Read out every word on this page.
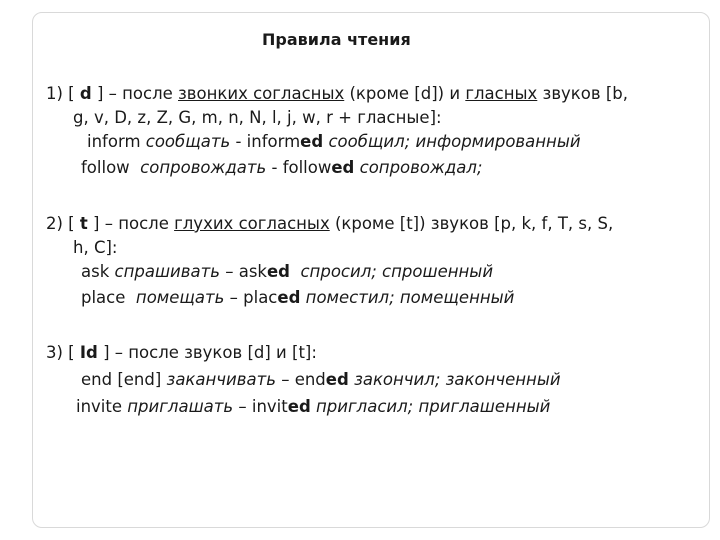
Правила чтения
1) [ d ] – после звонких согласных (кроме [d]) и гласных звуков [b,
g, v, D, z, Z, G, m, n, N, l, j, w, r + гласные]:
inform сообщать - informed сообщил; информированный
follow сопровождать - followed сопровождал;
2) [ t ] – после глухих согласных (кроме [t]) звуков [p, k, f, T, s, S,
h, C]:
ask спрашивать – asked спросил; спрошенный
place помещать – placed поместил; помещенный
3) [ Id ] – после звуков [d] и [t]:
end [end] заканчивать – ended закончил; законченный
invite приглашать – invited пригласил; приглашенный
